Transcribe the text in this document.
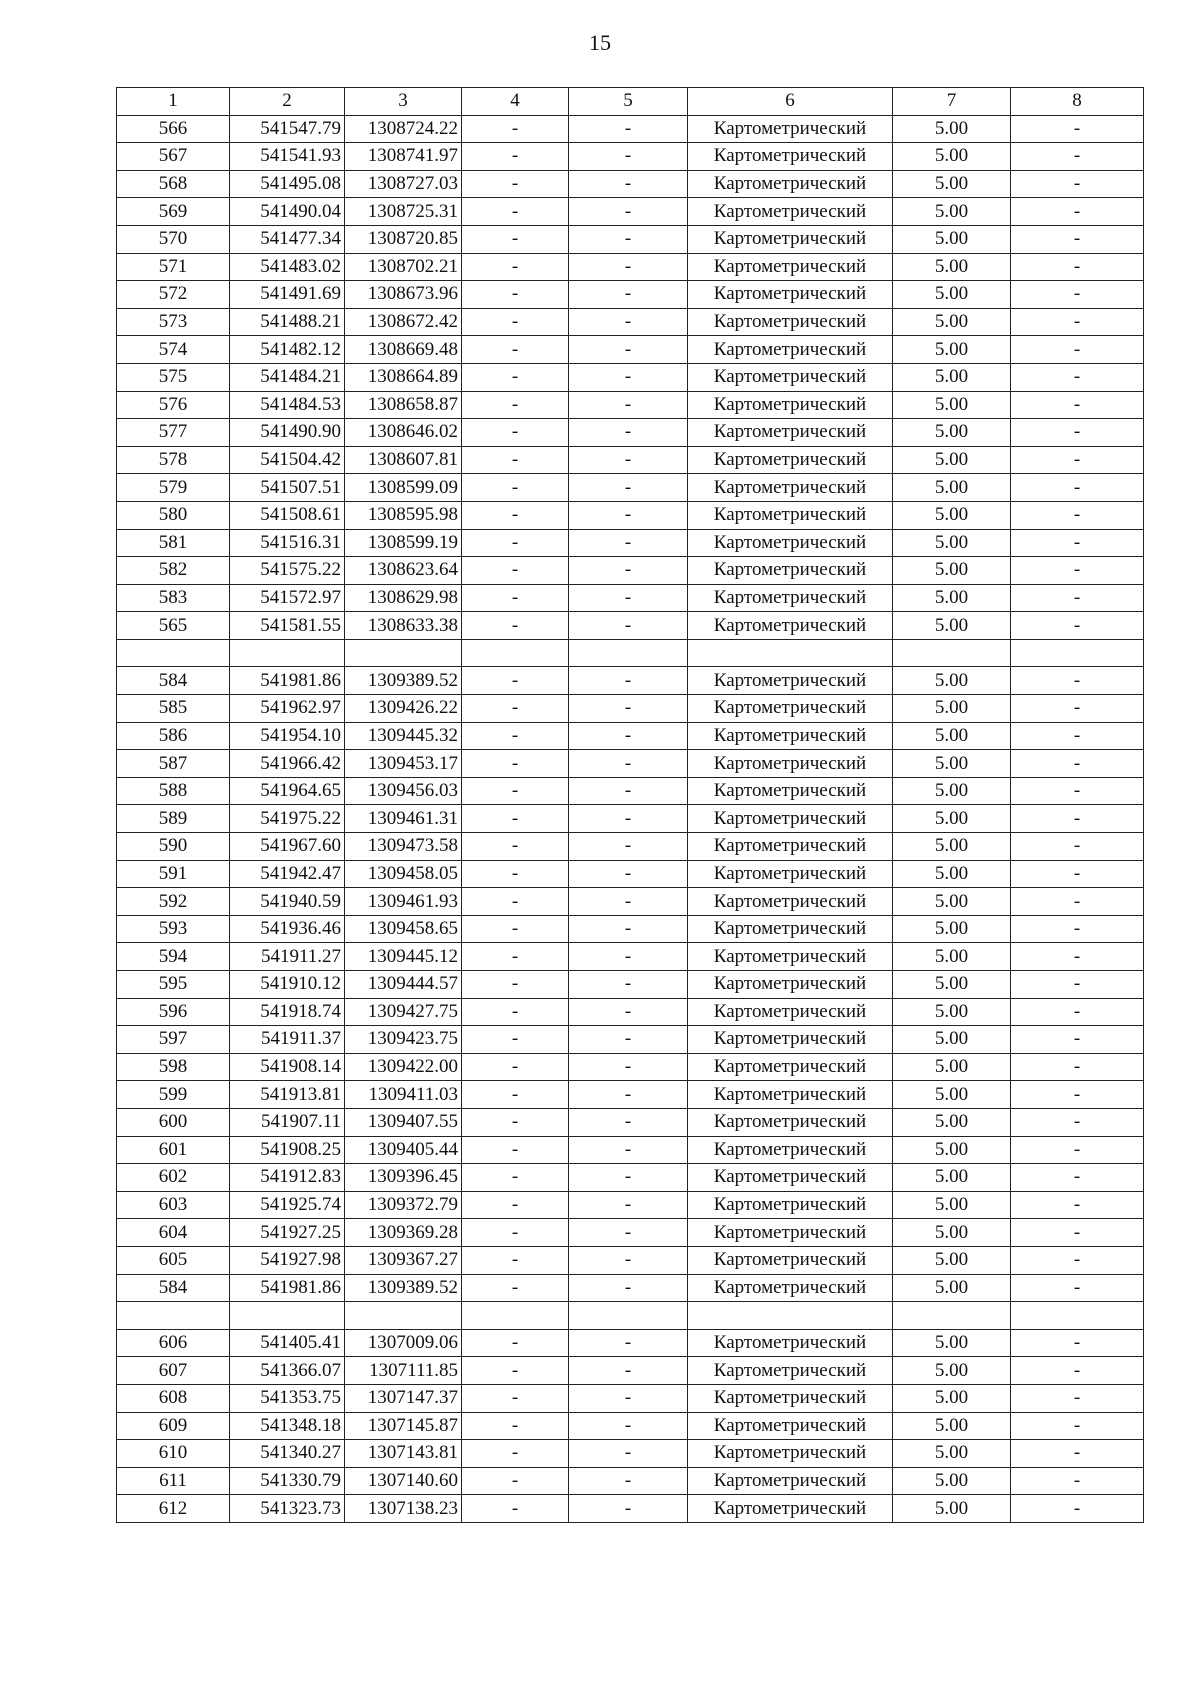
15
1	2	3	4	5	6	7	8
566	541547.79	1308724.22	-	-	Картометрический	5.00	-
567	541541.93	1308741.97	-	-	Картометрический	5.00	-
568	541495.08	1308727.03	-	-	Картометрический	5.00	-
569	541490.04	1308725.31	-	-	Картометрический	5.00	-
570	541477.34	1308720.85	-	-	Картометрический	5.00	-
571	541483.02	1308702.21	-	-	Картометрический	5.00	-
572	541491.69	1308673.96	-	-	Картометрический	5.00	-
573	541488.21	1308672.42	-	-	Картометрический	5.00	-
574	541482.12	1308669.48	-	-	Картометрический	5.00	-
575	541484.21	1308664.89	-	-	Картометрический	5.00	-
576	541484.53	1308658.87	-	-	Картометрический	5.00	-
577	541490.90	1308646.02	-	-	Картометрический	5.00	-
578	541504.42	1308607.81	-	-	Картометрический	5.00	-
579	541507.51	1308599.09	-	-	Картометрический	5.00	-
580	541508.61	1308595.98	-	-	Картометрический	5.00	-
581	541516.31	1308599.19	-	-	Картометрический	5.00	-
582	541575.22	1308623.64	-	-	Картометрический	5.00	-
583	541572.97	1308629.98	-	-	Картометрический	5.00	-
565	541581.55	1308633.38	-	-	Картометрический	5.00	-

584	541981.86	1309389.52	-	-	Картометрический	5.00	-
585	541962.97	1309426.22	-	-	Картометрический	5.00	-
586	541954.10	1309445.32	-	-	Картометрический	5.00	-
587	541966.42	1309453.17	-	-	Картометрический	5.00	-
588	541964.65	1309456.03	-	-	Картометрический	5.00	-
589	541975.22	1309461.31	-	-	Картометрический	5.00	-
590	541967.60	1309473.58	-	-	Картометрический	5.00	-
591	541942.47	1309458.05	-	-	Картометрический	5.00	-
592	541940.59	1309461.93	-	-	Картометрический	5.00	-
593	541936.46	1309458.65	-	-	Картометрический	5.00	-
594	541911.27	1309445.12	-	-	Картометрический	5.00	-
595	541910.12	1309444.57	-	-	Картометрический	5.00	-
596	541918.74	1309427.75	-	-	Картометрический	5.00	-
597	541911.37	1309423.75	-	-	Картометрический	5.00	-
598	541908.14	1309422.00	-	-	Картометрический	5.00	-
599	541913.81	1309411.03	-	-	Картометрический	5.00	-
600	541907.11	1309407.55	-	-	Картометрический	5.00	-
601	541908.25	1309405.44	-	-	Картометрический	5.00	-
602	541912.83	1309396.45	-	-	Картометрический	5.00	-
603	541925.74	1309372.79	-	-	Картометрический	5.00	-
604	541927.25	1309369.28	-	-	Картометрический	5.00	-
605	541927.98	1309367.27	-	-	Картометрический	5.00	-
584	541981.86	1309389.52	-	-	Картометрический	5.00	-

606	541405.41	1307009.06	-	-	Картометрический	5.00	-
607	541366.07	1307111.85	-	-	Картометрический	5.00	-
608	541353.75	1307147.37	-	-	Картометрический	5.00	-
609	541348.18	1307145.87	-	-	Картометрический	5.00	-
610	541340.27	1307143.81	-	-	Картометрический	5.00	-
611	541330.79	1307140.60	-	-	Картометрический	5.00	-
612	541323.73	1307138.23	-	-	Картометрический	5.00	-
